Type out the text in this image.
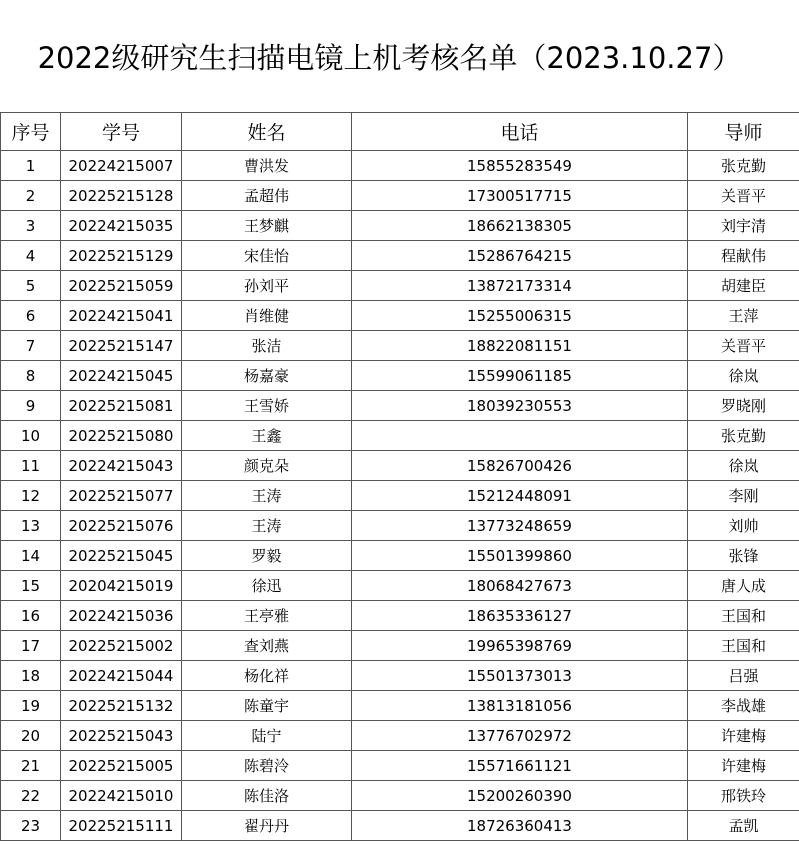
2022级研究生扫描电镜上机考核名单（2023.10.27）
序号	学号	姓名	电话	导师
1	20224215007	曹洪发	15855283549	张克勤
2	20225215128	孟超伟	17300517715	关晋平
3	20224215035	王梦麒	18662138305	刘宇清
4	20225215129	宋佳怡	15286764215	程献伟
5	20225215059	孙刘平	13872173314	胡建臣
6	20224215041	肖维健	15255006315	王萍
7	20225215147	张洁	18822081151	关晋平
8	20224215045	杨嘉豪	15599061185	徐岚
9	20225215081	王雪娇	18039230553	罗晓刚
10	20225215080	王鑫		张克勤
11	20224215043	颜克朵	15826700426	徐岚
12	20225215077	王涛	15212448091	李刚
13	20225215076	王涛	13773248659	刘帅
14	20225215045	罗毅	15501399860	张锋
15	20204215019	徐迅	18068427673	唐人成
16	20224215036	王亭雅	18635336127	王国和
17	20225215002	查刘燕	19965398769	王国和
18	20224215044	杨化祥	15501373013	吕强
19	20225215132	陈童宇	13813181056	李战雄
20	20225215043	陆宁	13776702972	许建梅
21	20225215005	陈碧泠	15571661121	许建梅
22	20224215010	陈佳洛	15200260390	邢铁玲
23	20225215111	翟丹丹	18726360413	孟凯
